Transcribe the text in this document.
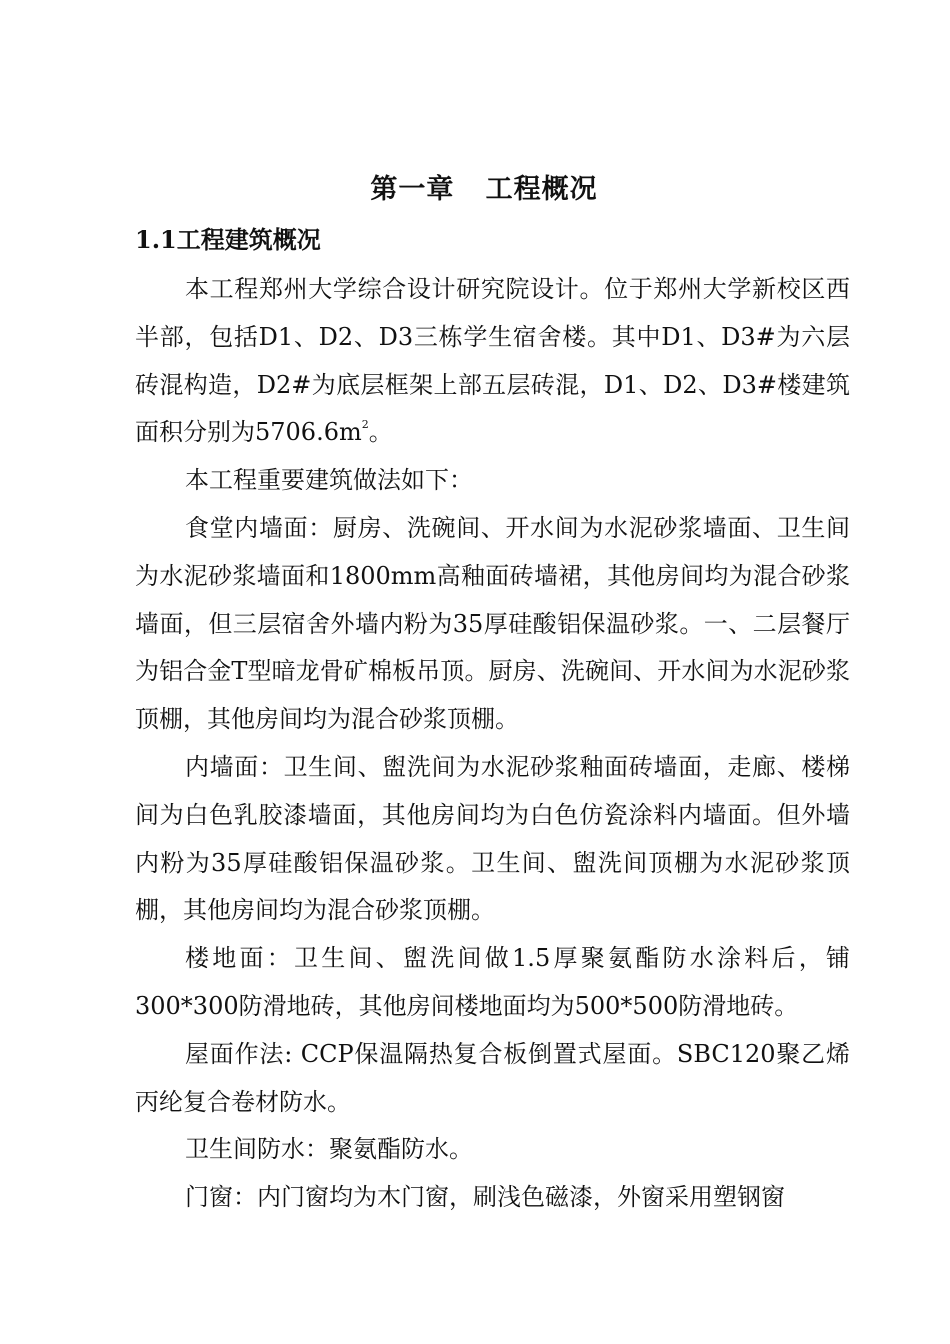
第一章   工程概况
1.1工程建筑概况

本工程郑州大学综合设计研究院设计。位于郑州大学新校区西半部，包括D1、D2、D3三栋学生宿舍楼。其中D1、D3#为六层砖混构造，D2#为底层框架上部五层砖混，D1、D2、D3#楼建筑面积分别为$5706.6m^2$。

本工程重要建筑做法如下：

食堂内墙面：厨房、洗碗间、开水间为水泥砂浆墙面、卫生间为水泥砂浆墙面和1800mm高釉面砖墙裙，其他房间均为混合砂浆墙面，但三层宿舍外墙内粉为35厚硅酸铝保温砂浆。一、二层餐厅为铝合金T型暗龙骨矿棉板吊顶。厨房、洗碗间、开水间为水泥砂浆顶棚，其他房间均为混合砂浆顶棚。

内墙面：卫生间、盥洗间为水泥砂浆釉面砖墙面，走廊、楼梯间为白色乳胶漆墙面，其他房间均为白色仿瓷涂料内墙面。但外墙内粉为35厚硅酸铝保温砂浆。卫生间、盥洗间顶棚为水泥砂浆顶棚，其他房间均为混合砂浆顶棚。

楼地面：卫生间、盥洗间做1.5厚聚氨酯防水涂料后，铺300*300防滑地砖，其他房间楼地面均为500*500防滑地砖。

屋面作法: CCP保温隔热复合板倒置式屋面。SBC120聚乙烯丙纶复合卷材防水。

卫生间防水：聚氨酯防水。

门窗：内门窗均为木门窗，刷浅色磁漆，外窗采用塑钢窗
